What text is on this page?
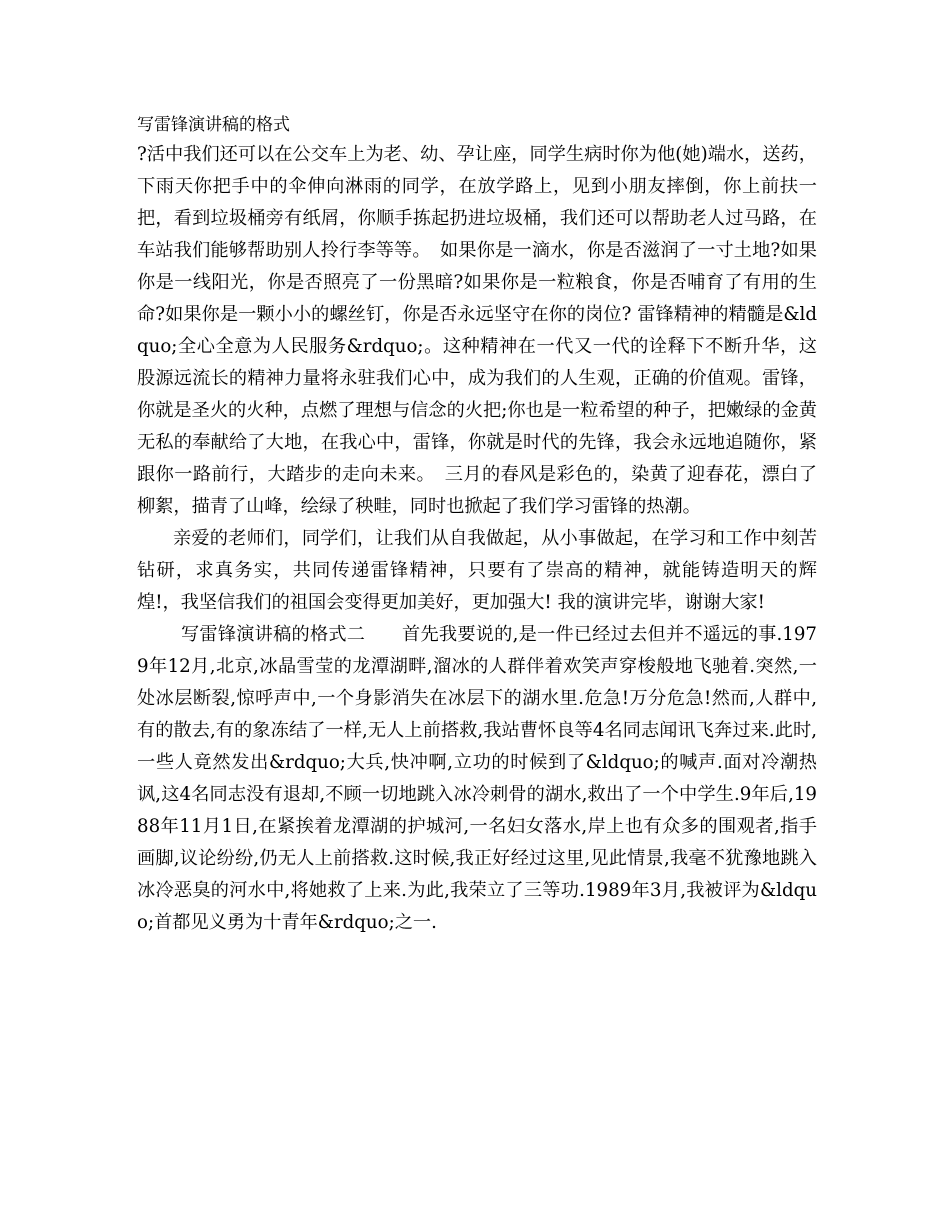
写雷锋演讲稿的格式

?活中我们还可以在公交车上为老、幼、孕让座，同学生病时你为他(她)端水，送药，下雨天你把手中的伞伸向淋雨的同学，在放学路上，见到小朋友摔倒，你上前扶一把，看到垃圾桶旁有纸屑，你顺手拣起扔进垃圾桶，我们还可以帮助老人过马路，在车站我们能够帮助别人拎行李等等。　如果你是一滴水，你是否滋润了一寸土地?如果你是一线阳光，你是否照亮了一份黑暗?如果你是一粒粮食，你是否哺育了有用的生命?如果你是一颗小小的螺丝钉，你是否永远坚守在你的岗位? 雷锋精神的精髓是&ldquo;全心全意为人民服务&rdquo;。这种精神在一代又一代的诠释下不断升华，这股源远流长的精神力量将永驻我们心中，成为我们的人生观，正确的价值观。雷锋，你就是圣火的火种，点燃了理想与信念的火把;你也是一粒希望的种子，把嫩绿的金黄无私的奉献给了大地，在我心中，雷锋，你就是时代的先锋，我会永远地追随你，紧跟你一路前行，大踏步的走向未来。　三月的春风是彩色的，染黄了迎春花，漂白了柳絮，描青了山峰，绘绿了秧畦，同时也掀起了我们学习雷锋的热潮。

亲爱的老师们，同学们，让我们从自我做起，从小事做起，在学习和工作中刻苦钻研，求真务实，共同传递雷锋精神，只要有了崇高的精神，就能铸造明天的辉煌!，我坚信我们的祖国会变得更加美好，更加强大! 我的演讲完毕，谢谢大家!

写雷锋演讲稿的格式二　　首先我要说的,是一件已经过去但并不遥远的事.1979年12月,北京,冰晶雪莹的龙潭湖畔,溜冰的人群伴着欢笑声穿梭般地飞驰着.突然,一处冰层断裂,惊呼声中,一个身影消失在冰层下的湖水里.危急!万分危急!然而,人群中,有的散去,有的象冻结了一样,无人上前搭救,我站曹怀良等4名同志闻讯飞奔过来.此时,一些人竟然发出&rdquo;大兵,快冲啊,立功的时候到了&ldquo;的喊声.面对冷潮热讽,这4名同志没有退却,不顾一切地跳入冰冷刺骨的湖水,救出了一个中学生.9年后,1988年11月1日,在紧挨着龙潭湖的护城河,一名妇女落水,岸上也有众多的围观者,指手画脚,议论纷纷,仍无人上前搭救.这时候,我正好经过这里,见此情景,我毫不犹豫地跳入冰冷恶臭的河水中,将她救了上来.为此,我荣立了三等功.1989年3月,我被评为&ldquo;首都见义勇为十青年&rdquo;之一.
